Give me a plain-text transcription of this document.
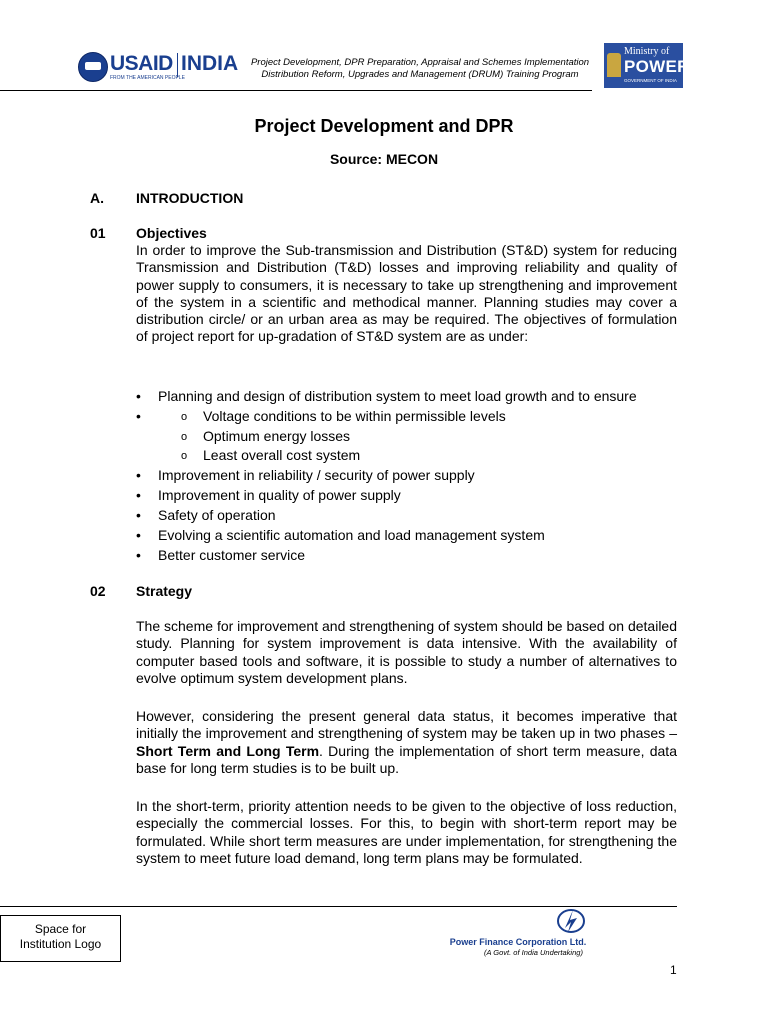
USAID INDIA
FROM THE AMERICAN PEOPLE
Project Development, DPR Preparation, Appraisal and Schemes Implementation
Distribution Reform, Upgrades and Management (DRUM) Training Program
Ministry of
POWER
GOVERNMENT OF INDIA
Project Development and DPR
Source: MECON
A. INTRODUCTION
01 Objectives
In order to improve the Sub-transmission and Distribution (ST&D) system for reducing Transmission and Distribution (T&D) losses and improving reliability and quality of power supply to consumers, it is necessary to take up strengthening and improvement of the system in a scientific and methodical manner. Planning studies may cover a distribution circle/ or an urban area as may be required. The objectives of formulation of project report for up-gradation of ST&D system are as under:
• Planning and design of distribution system to meet load growth and to ensure
o • Voltage conditions to be within permissible levels
o Optimum energy losses
o Least overall cost system
• Improvement in reliability / security of power supply
• Improvement in quality of power supply
• Safety of operation
• Evolving a scientific automation and load management system
• Better customer service
02 Strategy
The scheme for improvement and strengthening of system should be based on detailed study. Planning for system improvement is data intensive. With the availability of computer based tools and software, it is possible to study a number of alternatives to evolve optimum system development plans.
However, considering the present general data status, it becomes imperative that initially the improvement and strengthening of system may be taken up in two phases – Short Term and Long Term. During the implementation of short term measure, data base for long term studies is to be built up.
In the short-term, priority attention needs to be given to the objective of loss reduction, especially the commercial losses. For this, to begin with short-term report may be formulated. While short term measures are under implementation, for strengthening the system to meet future load demand, long term plans may be formulated.
Space for
Institution Logo	Power Finance Corporation Ltd.
(A Govt. of India Undertaking)
1
